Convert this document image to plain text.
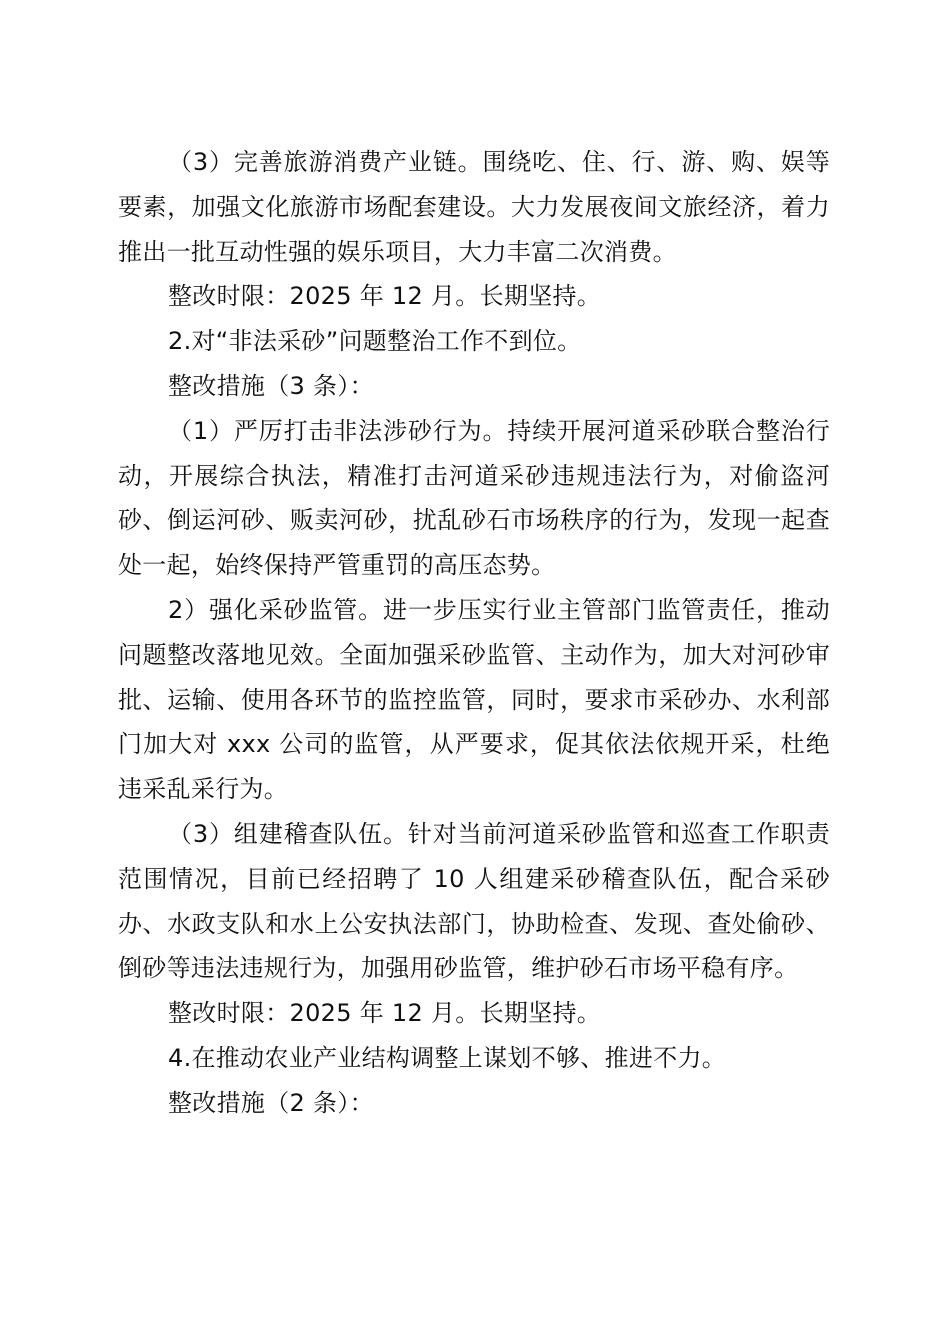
（3）完善旅游消费产业链。围绕吃、住、行、游、购、娱等要素，加强文化旅游市场配套建设。大力发展夜间文旅经济，着力推出一批互动性强的娱乐项目，大力丰富二次消费。

整改时限：2025 年 12 月。长期坚持。

2.对“非法采砂”问题整治工作不到位。

整改措施（3 条）：

（1）严厉打击非法涉砂行为。持续开展河道采砂联合整治行动，开展综合执法，精准打击河道采砂违规违法行为，对偷盗河砂、倒运河砂、贩卖河砂，扰乱砂石市场秩序的行为，发现一起查处一起，始终保持严管重罚的高压态势。

2）强化采砂监管。进一步压实行业主管部门监管责任，推动问题整改落地见效。全面加强采砂监管、主动作为，加大对河砂审批、运输、使用各环节的监控监管，同时，要求市采砂办、水利部门加大对 xxx 公司的监管，从严要求，促其依法依规开采，杜绝违采乱采行为。

（3）组建稽查队伍。针对当前河道采砂监管和巡查工作职责范围情况，目前已经招聘了 10 人组建采砂稽查队伍，配合采砂办、水政支队和水上公安执法部门，协助检查、发现、查处偷砂、倒砂等违法违规行为，加强用砂监管，维护砂石市场平稳有序。

整改时限：2025 年 12 月。长期坚持。

4.在推动农业产业结构调整上谋划不够、推进不力。

整改措施（2 条）：
